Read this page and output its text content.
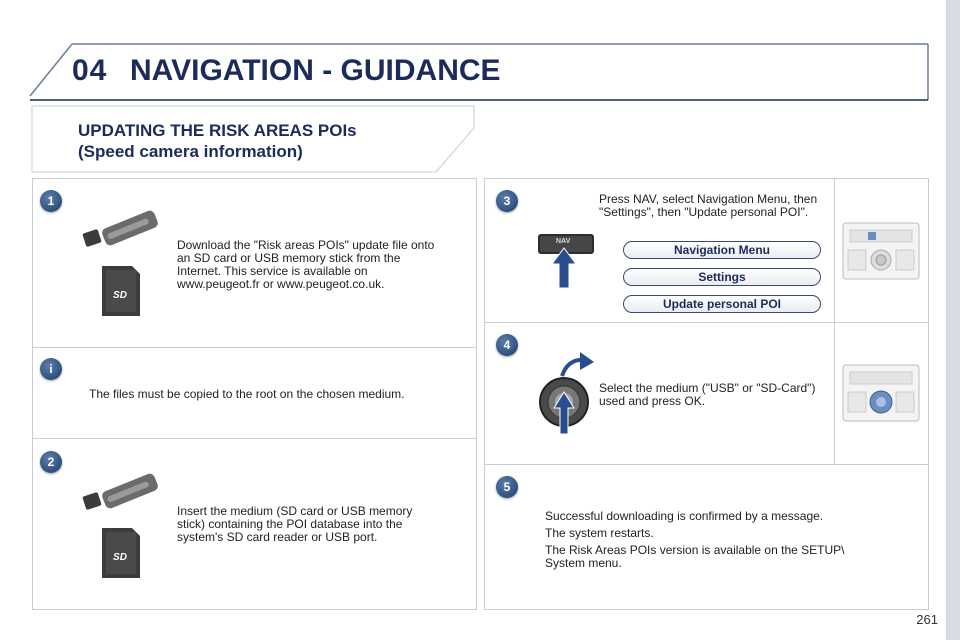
04 NAVIGATION - GUIDANCE
UPDATING THE RISK AREAS POIs
(Speed camera information)
1
SD
Download the "Risk areas POIs" update file onto an SD card or USB memory stick from the Internet. This service is available on www.peugeot.fr or www.peugeot.co.uk.
i
The files must be copied to the root on the chosen medium.
2
SD
Insert the medium (SD card or USB memory stick) containing the POI database into the system's SD card reader or USB port.
3	Press NAV, select Navigation Menu, then "Settings", then "Update personal POI".
NAV
Navigation Menu
Settings
Update personal POI
4
Select the medium ("USB" or "SD-Card") used and press OK.
5
Successful downloading is confirmed by a message.
The system restarts.
The Risk Areas POIs version is available on the SETUP\ System menu.
261
